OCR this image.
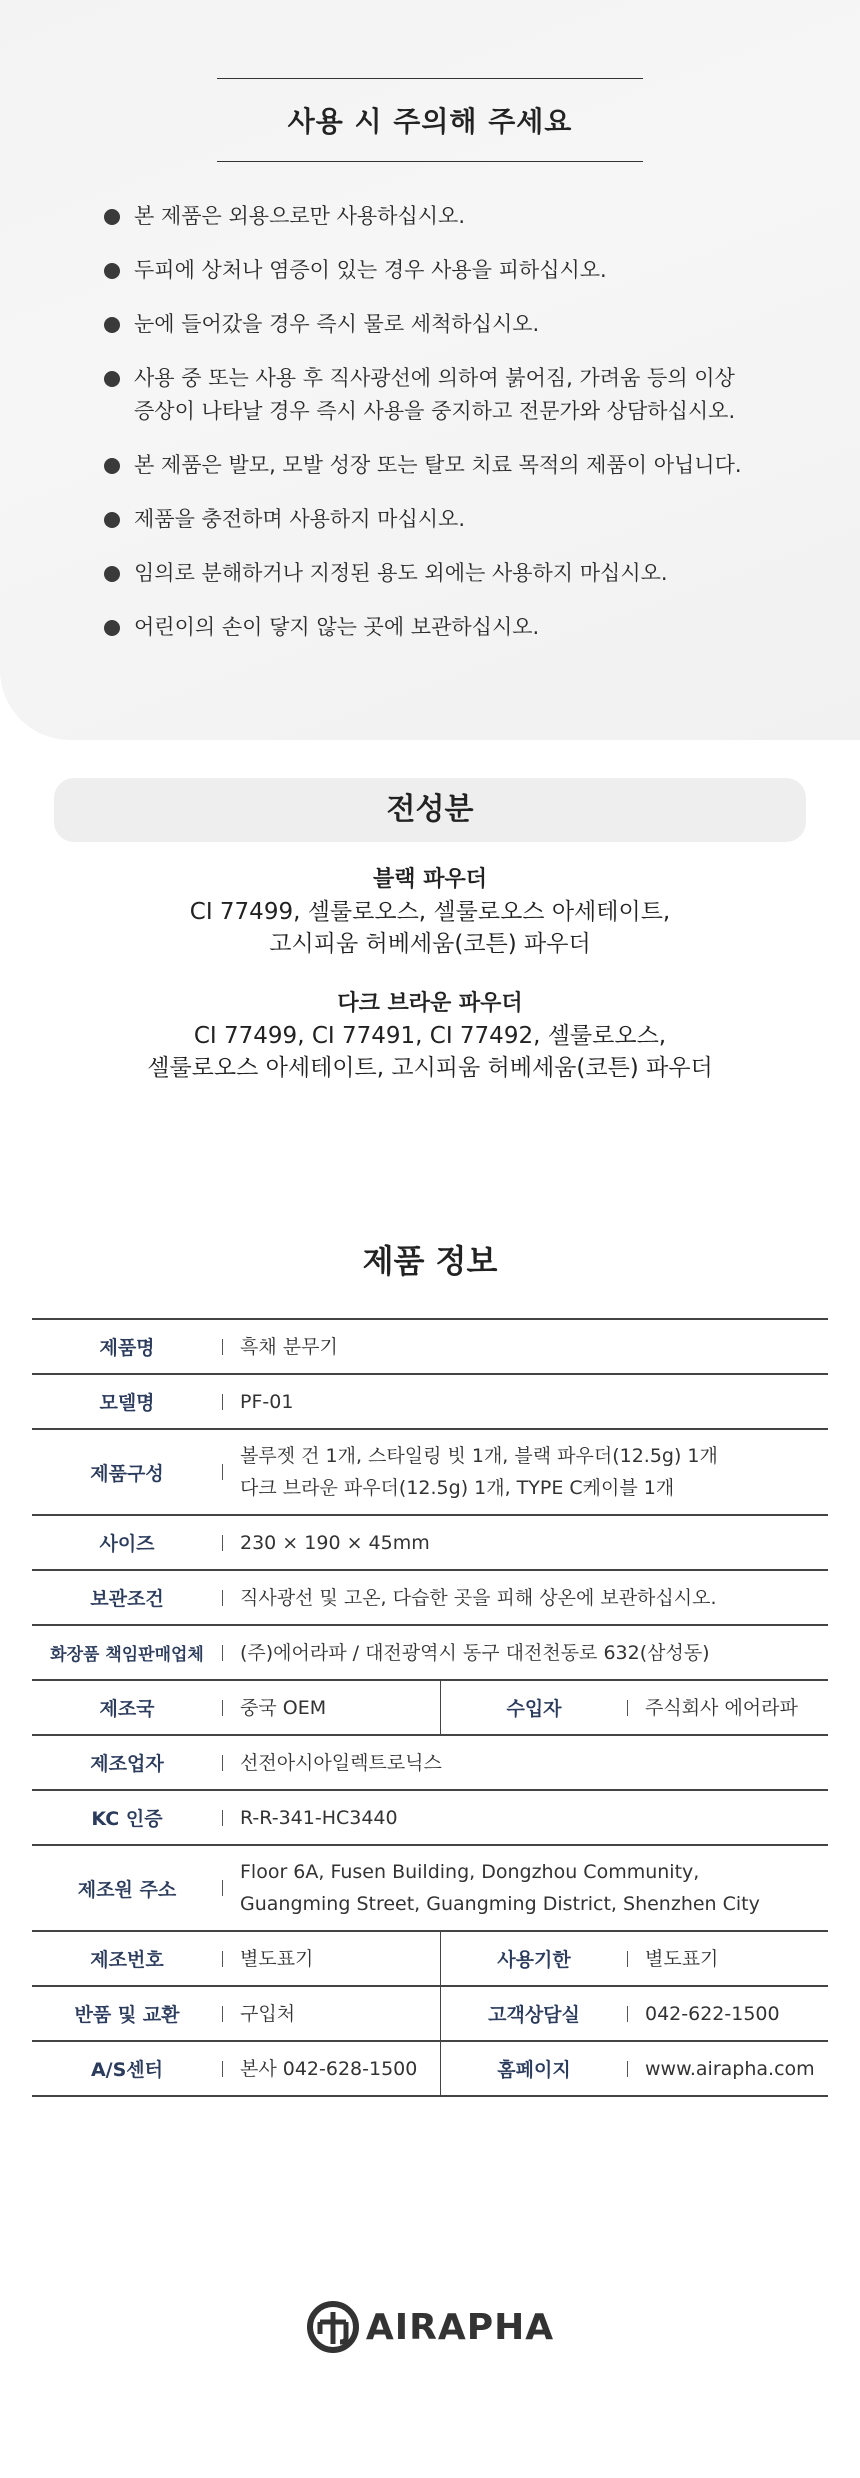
사용 시 주의해 주세요
본 제품은 외용으로만 사용하십시오.
두피에 상처나 염증이 있는 경우 사용을 피하십시오.
눈에 들어갔을 경우 즉시 물로 세척하십시오.
사용 중 또는 사용 후 직사광선에 의하여 붉어짐, 가려움 등의 이상
증상이 나타날 경우 즉시 사용을 중지하고 전문가와 상담하십시오.
본 제품은 발모, 모발 성장 또는 탈모 치료 목적의 제품이 아닙니다.
제품을 충전하며 사용하지 마십시오.
임의로 분해하거나 지정된 용도 외에는 사용하지 마십시오.
어린이의 손이 닿지 않는 곳에 보관하십시오.
전성분
블랙 파우더
CI 77499, 셀룰로오스, 셀룰로오스 아세테이트,
고시피움 허베세움(코튼) 파우더
다크 브라운 파우더
CI 77499, CI 77491, CI 77492, 셀룰로오스,
셀룰로오스 아세테이트, 고시피움 허베세움(코튼) 파우더
제품 정보
제품명	흑채 분무기
모델명	PF-01
제품구성
볼루젯 건 1개, 스타일링 빗 1개, 블랙 파우더(12.5g) 1개
다크 브라운 파우더(12.5g) 1개, TYPE C케이블 1개
사이즈	230 × 190 × 45mm
보관조건	직사광선 및 고온, 다습한 곳을 피해 상온에 보관하십시오.
화장품 책임판매업체	(주)에어라파 / 대전광역시 동구 대전천동로 632(삼성동)
제조국	중국 OEM	수입자	주식회사 에어라파
제조업자	선전아시아일렉트로닉스
KC 인증	R-R-341-HC3440
제조원 주소
Floor 6A, Fusen Building, Dongzhou Community,
Guangming Street, Guangming District, Shenzhen City
제조번호	별도표기	사용기한	별도표기
반품 및 교환	구입처	고객상담실	042-622-1500
A/S센터	본사 042-628-1500	홈페이지	www.airapha.com
AIRAPHA
